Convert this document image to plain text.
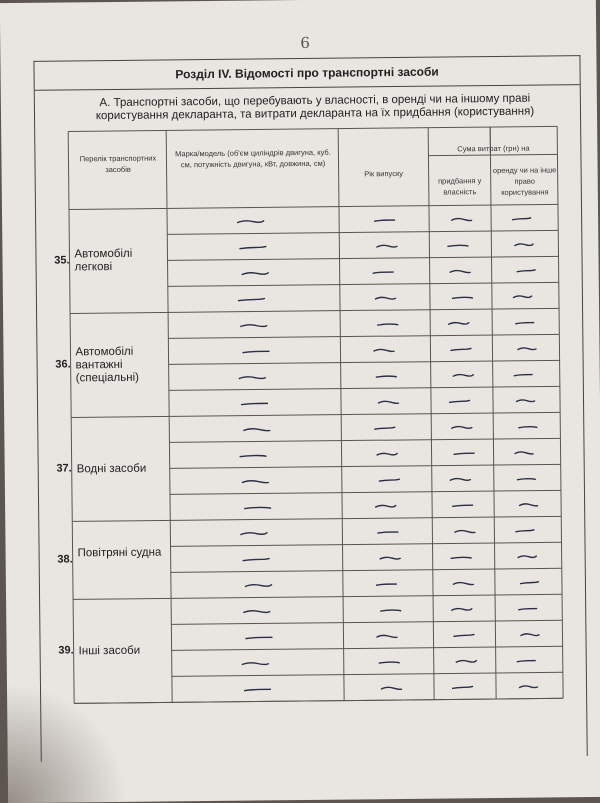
6
Розділ IV. Відомості про транспортні засоби
А. Транспортні засоби, що перебувають у власності, в оренді чи на іншому праві користування декларанта, та витрати декларанта на їх придбання (користування)
Перелік транспортних засобів
Марка/модель (об'єм циліндрів двигуна, куб. см, потужність двигуна, кВт, довжина, см)
Рік випуску
Сума витрат (грн) на
придбання у власність
оренду чи на інше право користування
35.
Автомобілі легкові
36.
Автомобілі вантажні (спеціальні)
37. Водні засоби
38.
Повітряні судна
39. Інші засоби
